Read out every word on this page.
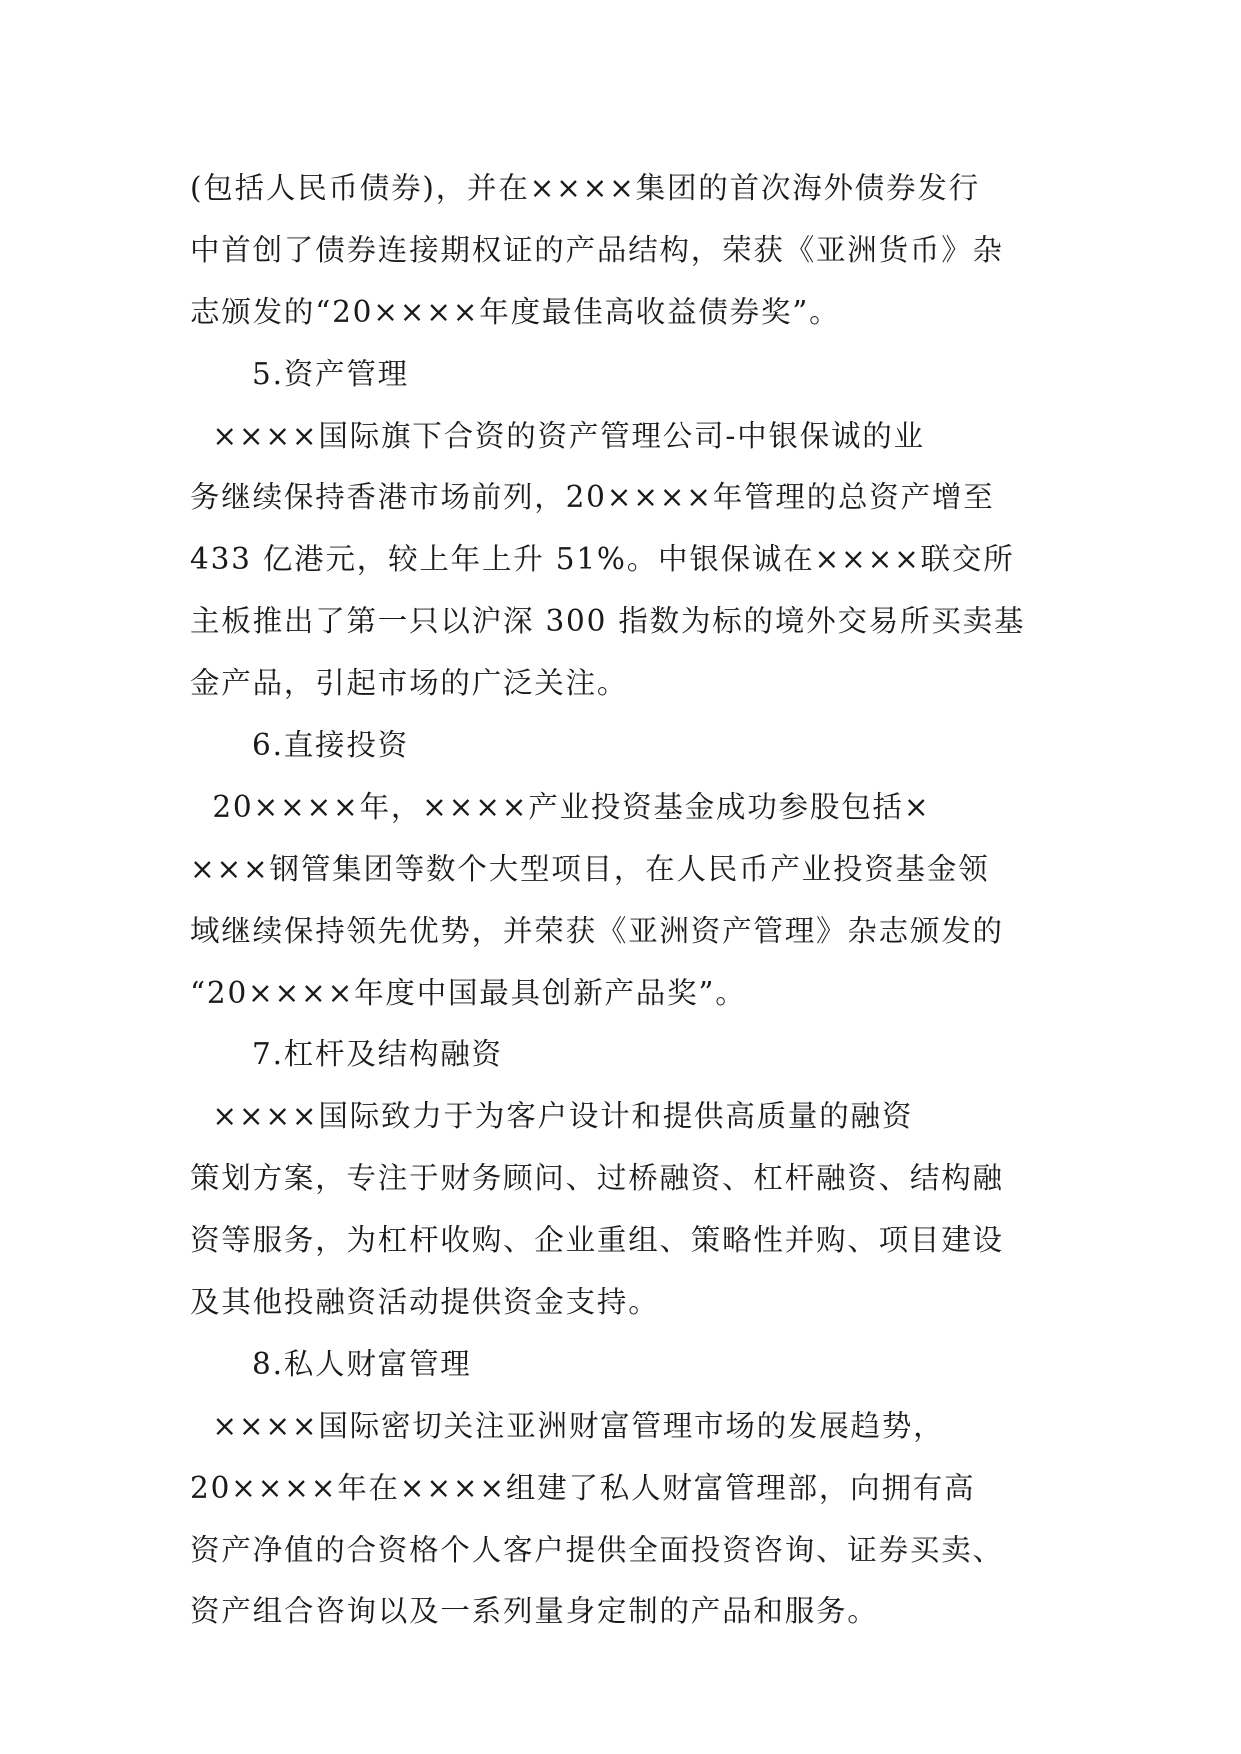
(包括人民币债券)，并在××××集团的首次海外债券发行
中首创了债券连接期权证的产品结构，荣获《亚洲货币》杂
志颁发的“20××××年度最佳高收益债券奖”。
5.资产管理
××××国际旗下合资的资产管理公司-中银保诚的业
务继续保持香港市场前列，20××××年管理的总资产增至
433 亿港元，较上年上升 51%。中银保诚在××××联交所
主板推出了第一只以沪深 300 指数为标的境外交易所买卖基
金产品，引起市场的广泛关注。
6.直接投资
20××××年，××××产业投资基金成功参股包括×
×××钢管集团等数个大型项目，在人民币产业投资基金领
域继续保持领先优势，并荣获《亚洲资产管理》杂志颁发的
“20××××年度中国最具创新产品奖”。
7.杠杆及结构融资
××××国际致力于为客户设计和提供高质量的融资
策划方案，专注于财务顾问、过桥融资、杠杆融资、结构融
资等服务，为杠杆收购、企业重组、策略性并购、项目建设
及其他投融资活动提供资金支持。
8.私人财富管理
××××国际密切关注亚洲财富管理市场的发展趋势，
20××××年在××××组建了私人财富管理部，向拥有高
资产净值的合资格个人客户提供全面投资咨询、证券买卖、
资产组合咨询以及一系列量身定制的产品和服务。
